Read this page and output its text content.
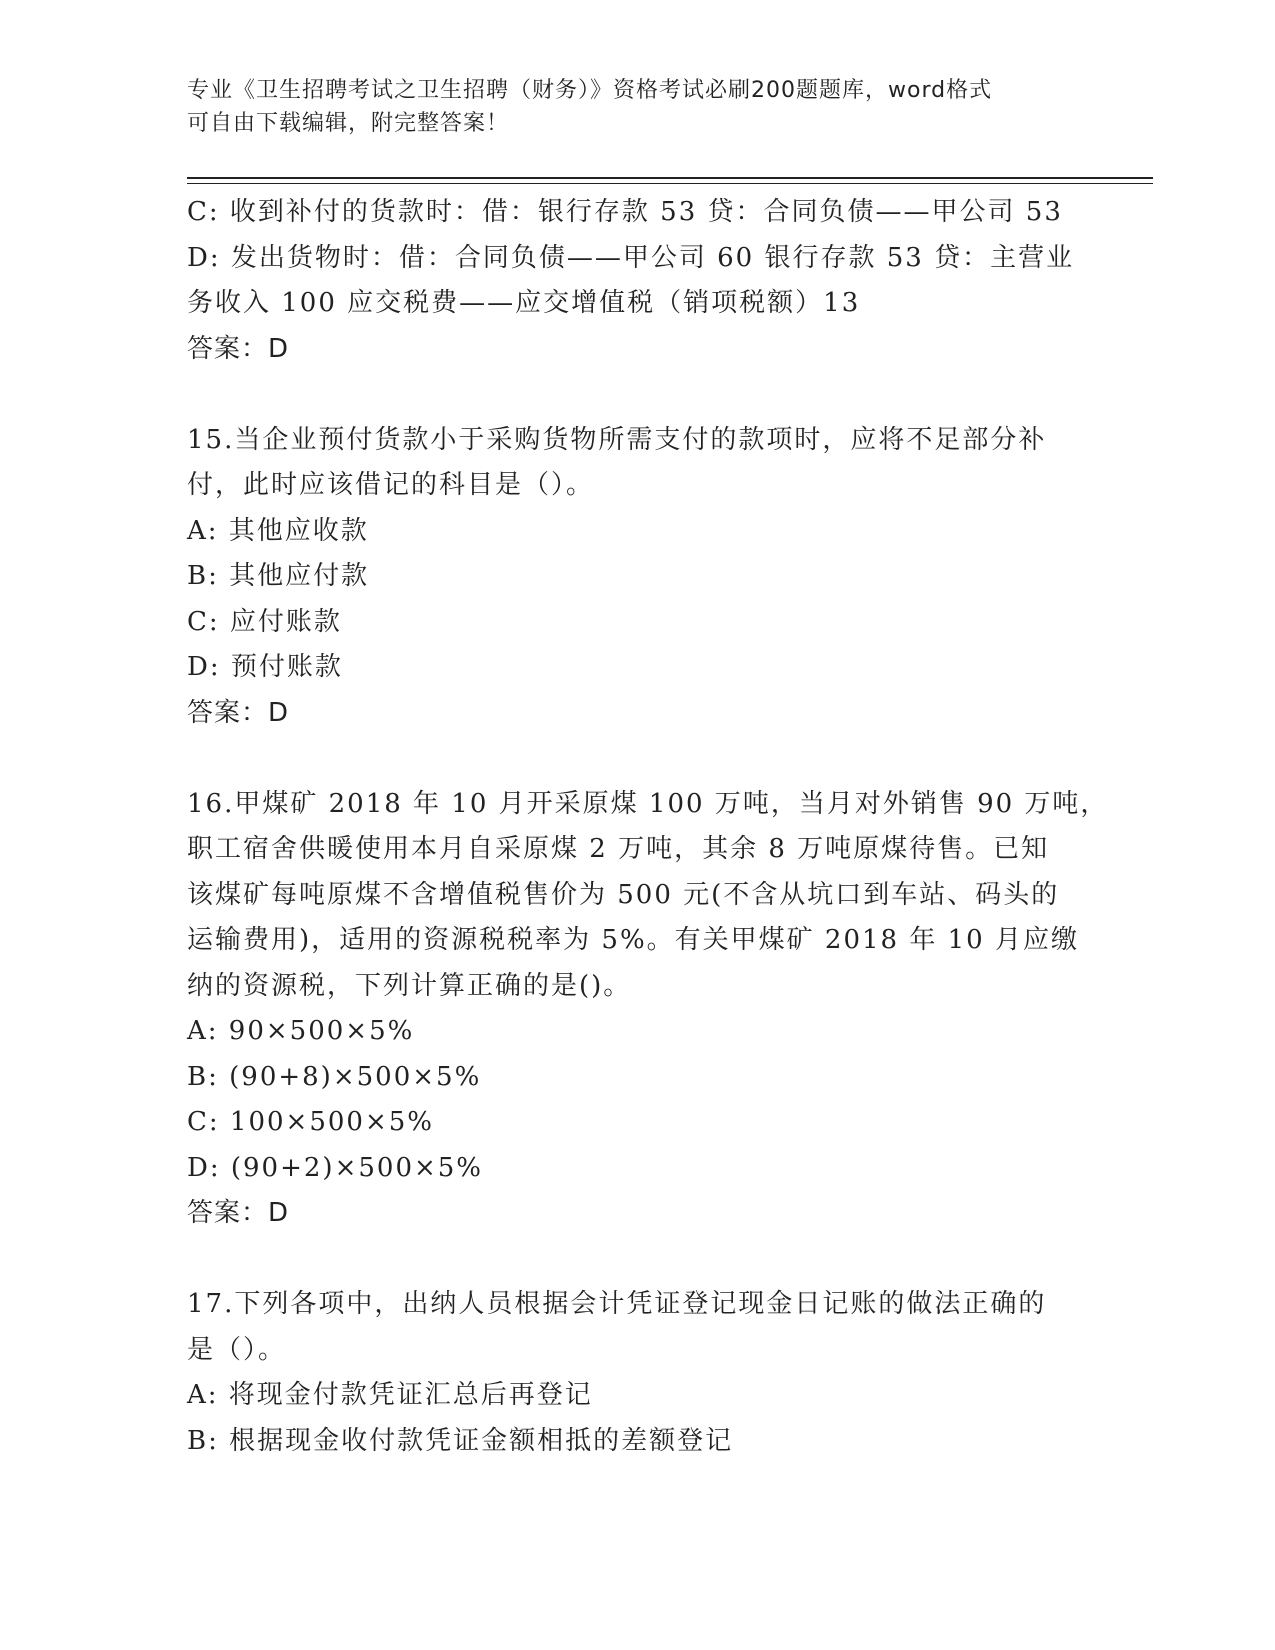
专业《卫生招聘考试之卫生招聘（财务）》资格考试必刷200题题库，word格式
可自由下载编辑，附完整答案！
C: 收到补付的货款时：借：银行存款 53 贷：合同负债——甲公司 53
D: 发出货物时：借：合同负债——甲公司 60 银行存款 53 贷：主营业
务收入 100 应交税费——应交增值税（销项税额）13
答案：D
15.当企业预付货款小于采购货物所需支付的款项时，应将不足部分补
付，此时应该借记的科目是（）。
A: 其他应收款
B: 其他应付款
C: 应付账款
D: 预付账款
答案：D
16.甲煤矿 2018 年 10 月开采原煤 100 万吨，当月对外销售 90 万吨，
职工宿舍供暖使用本月自采原煤 2 万吨，其余 8 万吨原煤待售。已知
该煤矿每吨原煤不含增值税售价为 500 元(不含从坑口到车站、码头的
运输费用)，适用的资源税税率为 5%。有关甲煤矿 2018 年 10 月应缴
纳的资源税，下列计算正确的是()。
A: 90×500×5%
B: (90+8)×500×5%
C: 100×500×5%
D: (90+2)×500×5%
答案：D
17.下列各项中，出纳人员根据会计凭证登记现金日记账的做法正确的
是（）。
A: 将现金付款凭证汇总后再登记
B: 根据现金收付款凭证金额相抵的差额登记
